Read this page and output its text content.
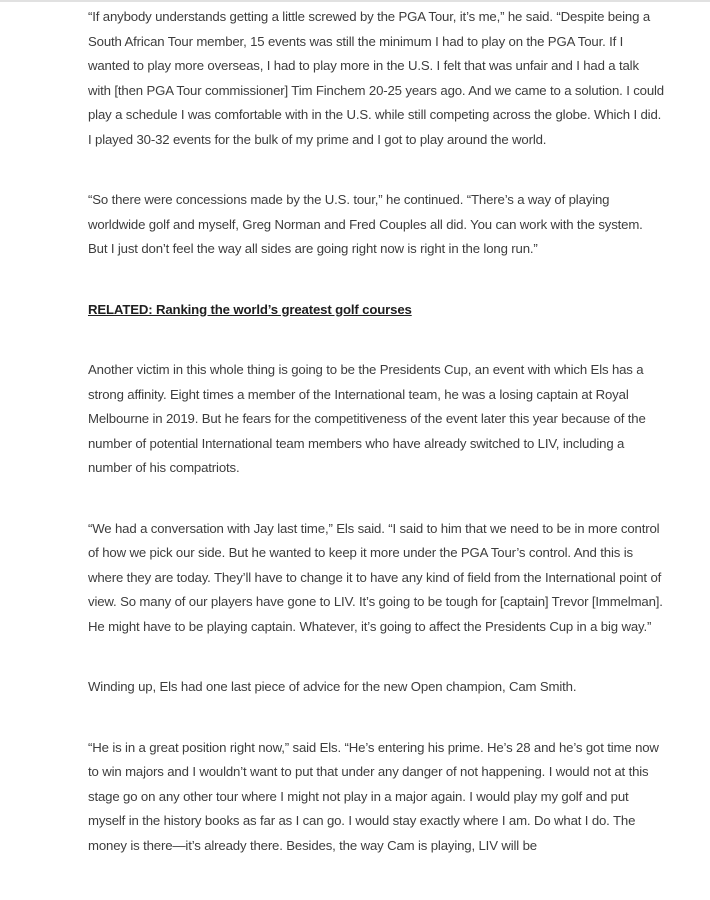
“If anybody understands getting a little screwed by the PGA Tour, it’s me,” he said. “Despite being a South African Tour member, 15 events was still the minimum I had to play on the PGA Tour. If I wanted to play more overseas, I had to play more in the U.S. I felt that was unfair and I had a talk with [then PGA Tour commissioner] Tim Finchem 20-25 years ago. And we came to a solution. I could play a schedule I was comfortable with in the U.S. while still competing across the globe. Which I did. I played 30-32 events for the bulk of my prime and I got to play around the world.

“So there were concessions made by the U.S. tour,” he continued. “There’s a way of playing worldwide golf and myself, Greg Norman and Fred Couples all did. You can work with the system. But I just don’t feel the way all sides are going right now is right in the long run.”

RELATED: Ranking the world’s greatest golf courses

Another victim in this whole thing is going to be the Presidents Cup, an event with which Els has a strong affinity. Eight times a member of the International team, he was a losing captain at Royal Melbourne in 2019. But he fears for the competitiveness of the event later this year because of the number of potential International team members who have already switched to LIV, including a number of his compatriots.

“We had a conversation with Jay last time,” Els said. “I said to him that we need to be in more control of how we pick our side. But he wanted to keep it more under the PGA Tour’s control. And this is where they are today. They’ll have to change it to have any kind of field from the International point of view. So many of our players have gone to LIV. It’s going to be tough for [captain] Trevor [Immelman]. He might have to be playing captain. Whatever, it’s going to affect the Presidents Cup in a big way.”

Winding up, Els had one last piece of advice for the new Open champion, Cam Smith.

“He is in a great position right now,” said Els. “He’s entering his prime. He’s 28 and he’s got time now to win majors and I wouldn’t want to put that under any danger of not happening. I would not at this stage go on any other tour where I might not play in a major again. I would play my golf and put myself in the history books as far as I can go. I would stay exactly where I am. Do what I do. The money is there—it’s already there. Besides, the way Cam is playing, LIV will be
